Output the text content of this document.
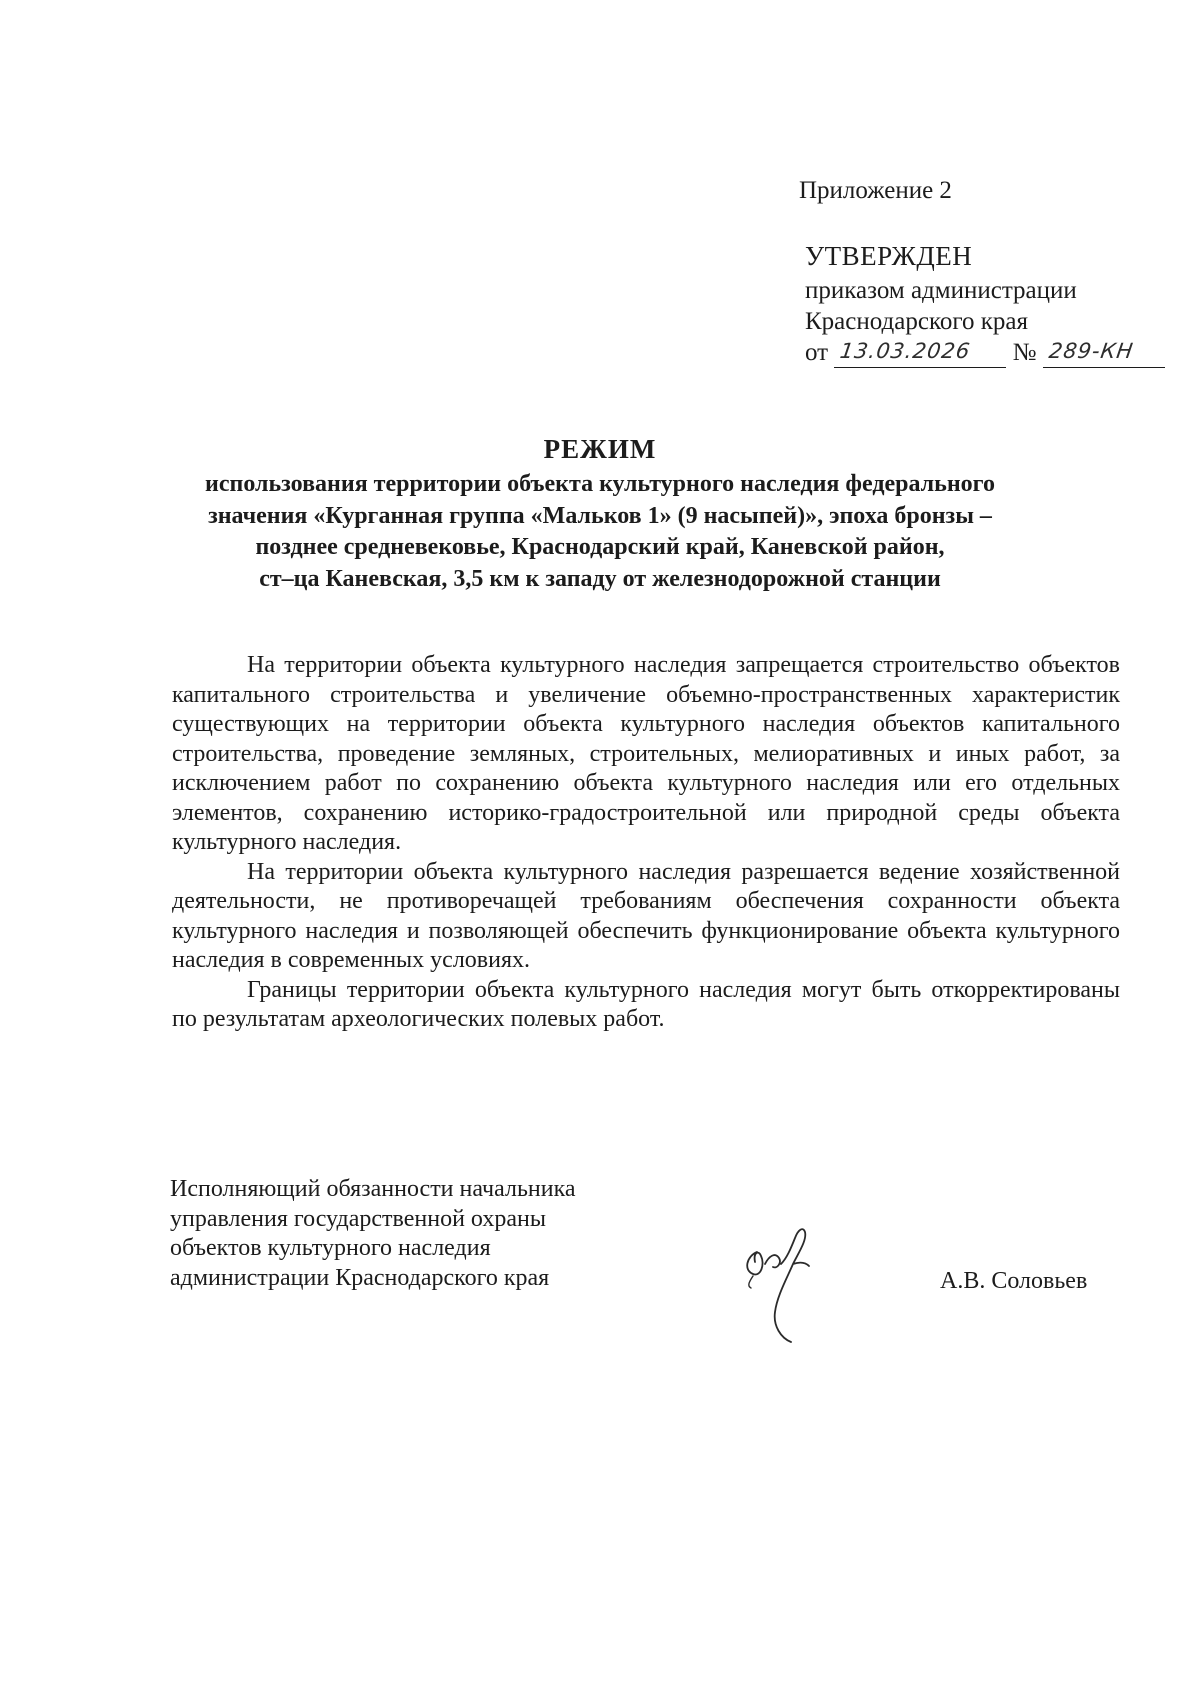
Приложение 2
УТВЕРЖДЕН
приказом администрации
Краснодарского края
от 13.03.2026 № 289-КН
РЕЖИМ
использования территории объекта культурного наследия федерального
значения «Курганная группа «Мальков 1» (9 насыпей)», эпоха бронзы –
позднее средневековье, Краснодарский край, Каневской район,
ст–ца Каневская, 3,5 км к западу от железнодорожной станции

На территории объекта культурного наследия запрещается строительство объектов капитального строительства и увеличение объемно-пространственных характеристик существующих на территории объекта культурного наследия объектов капитального строительства, проведение земляных, строительных, мелиоративных и иных работ, за исключением работ по сохранению объекта культурного наследия или его отдельных элементов, сохранению историко-градостроительной или природной среды объекта культурного наследия.

На территории объекта культурного наследия разрешается ведение хозяйственной деятельности, не противоречащей требованиям обеспечения сохранности объекта культурного наследия и позволяющей обеспечить функционирование объекта культурного наследия в современных условиях.

Границы территории объекта культурного наследия могут быть откорректированы по результатам археологических полевых работ.

Исполняющий обязанности начальника
управления государственной охраны
объектов культурного наследия
администрации Краснодарского края	А.В. Соловьев
